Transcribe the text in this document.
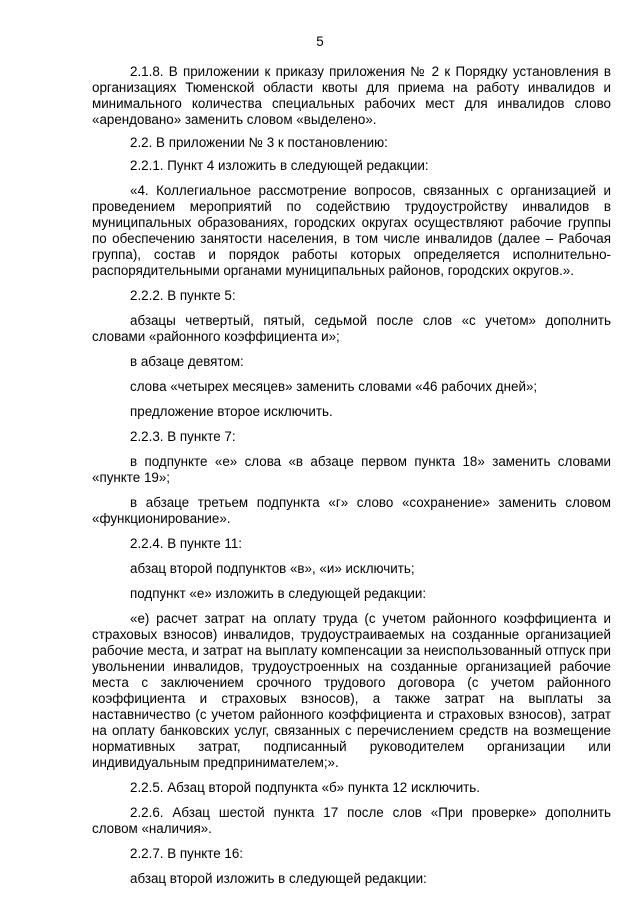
5

2.1.8. В приложении к приказу приложения № 2 к Порядку установления в организациях Тюменской области квоты для приема на работу инвалидов и минимального количества специальных рабочих мест для инвалидов слово «арендовано» заменить словом «выделено».

2.2. В приложении № 3 к постановлению:

2.2.1. Пункт 4 изложить в следующей редакции:

«4. Коллегиальное рассмотрение вопросов, связанных с организацией и проведением мероприятий по содействию трудоустройству инвалидов в муниципальных образованиях, городских округах осуществляют рабочие группы по обеспечению занятости населения, в том числе инвалидов (далее – Рабочая группа), состав и порядок работы которых определяется исполнительно-распорядительными органами муниципальных районов, городских округов.».

2.2.2. В пункте 5:

абзацы четвертый, пятый, седьмой после слов «с учетом» дополнить словами «районного коэффициента и»;

в абзаце девятом:

слова «четырех месяцев» заменить словами «46 рабочих дней»;

предложение второе исключить.

2.2.3. В пункте 7:

в подпункте «е» слова «в абзаце первом пункта 18» заменить словами «пункте 19»;

в абзаце третьем подпункта «г» слово «сохранение» заменить словом «функционирование».

2.2.4. В пункте 11:

абзац второй подпунктов «в», «и» исключить;

подпункт «е» изложить в следующей редакции:

«е) расчет затрат на оплату труда (с учетом районного коэффициента и страховых взносов) инвалидов, трудоустраиваемых на созданные организацией рабочие места, и затрат на выплату компенсации за неиспользованный отпуск при увольнении инвалидов, трудоустроенных на созданные организацией рабочие места с заключением срочного трудового договора (с учетом районного коэффициента и страховых взносов), а также затрат на выплаты за наставничество (с учетом районного коэффициента и страховых взносов), затрат на оплату банковских услуг, связанных с перечислением средств на возмещение нормативных затрат, подписанный руководителем организации или индивидуальным предпринимателем;».

2.2.5. Абзац второй подпункта «б» пункта 12 исключить.

2.2.6. Абзац шестой пункта 17 после слов «При проверке» дополнить словом «наличия».

2.2.7. В пункте 16:

абзац второй изложить в следующей редакции:
